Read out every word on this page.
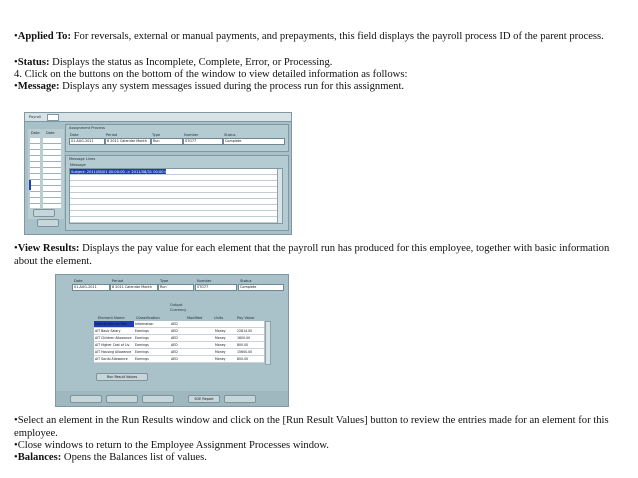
•Applied To: For reversals, external or manual payments, and prepayments, this field displays the payroll process ID of the parent process.
•Status: Displays the status as Incomplete, Complete, Error, or Processing.
4. Click on the buttons on the bottom of the window to view detailed information as follows:
•Message: Displays any system messages issued during the process run for this assignment.
Payroll
Date Date
Assignment Process
Date	Period	Type	Number	Status
01-AUG-2011	8 2011 Calendar Month	Run	STG77	Complete
Message Lines
Message
Subject: 2011/08/01 00:00:00 -> 2011/08/31 00:00:00
•View Results: Displays the pay value for each element that the payroll run has produced for this employee, together with basic information about the element.
Date	Period	Type	Number	Status
01-AUG-2011	8 2011 Calendar Month	Run	STG77	Complete
Output
Currency
Element Name	Classification	Modified	Units	Pay Value
Default Accrual Plan	Information	AED
AIT Basic Salary	Earnings	AED	Money	22814.00
AIT Children Allowance	Earnings	AED	Money	1600.00
AIT Higher Cost of Liv	Earnings	AED	Money	800.00
AIT Housing Allowance	Earnings	AED	Money	15600.00
AIT Social Allowance	Earnings	AED	Money	800.00
Run Result Values
SOE Report
•Select an element in the Run Results window and click on the [Run Result Values] button to review the entries made for an element for this employee.
•Close windows to return to the Employee Assignment Processes window.
•Balances: Opens the Balances list of values.
